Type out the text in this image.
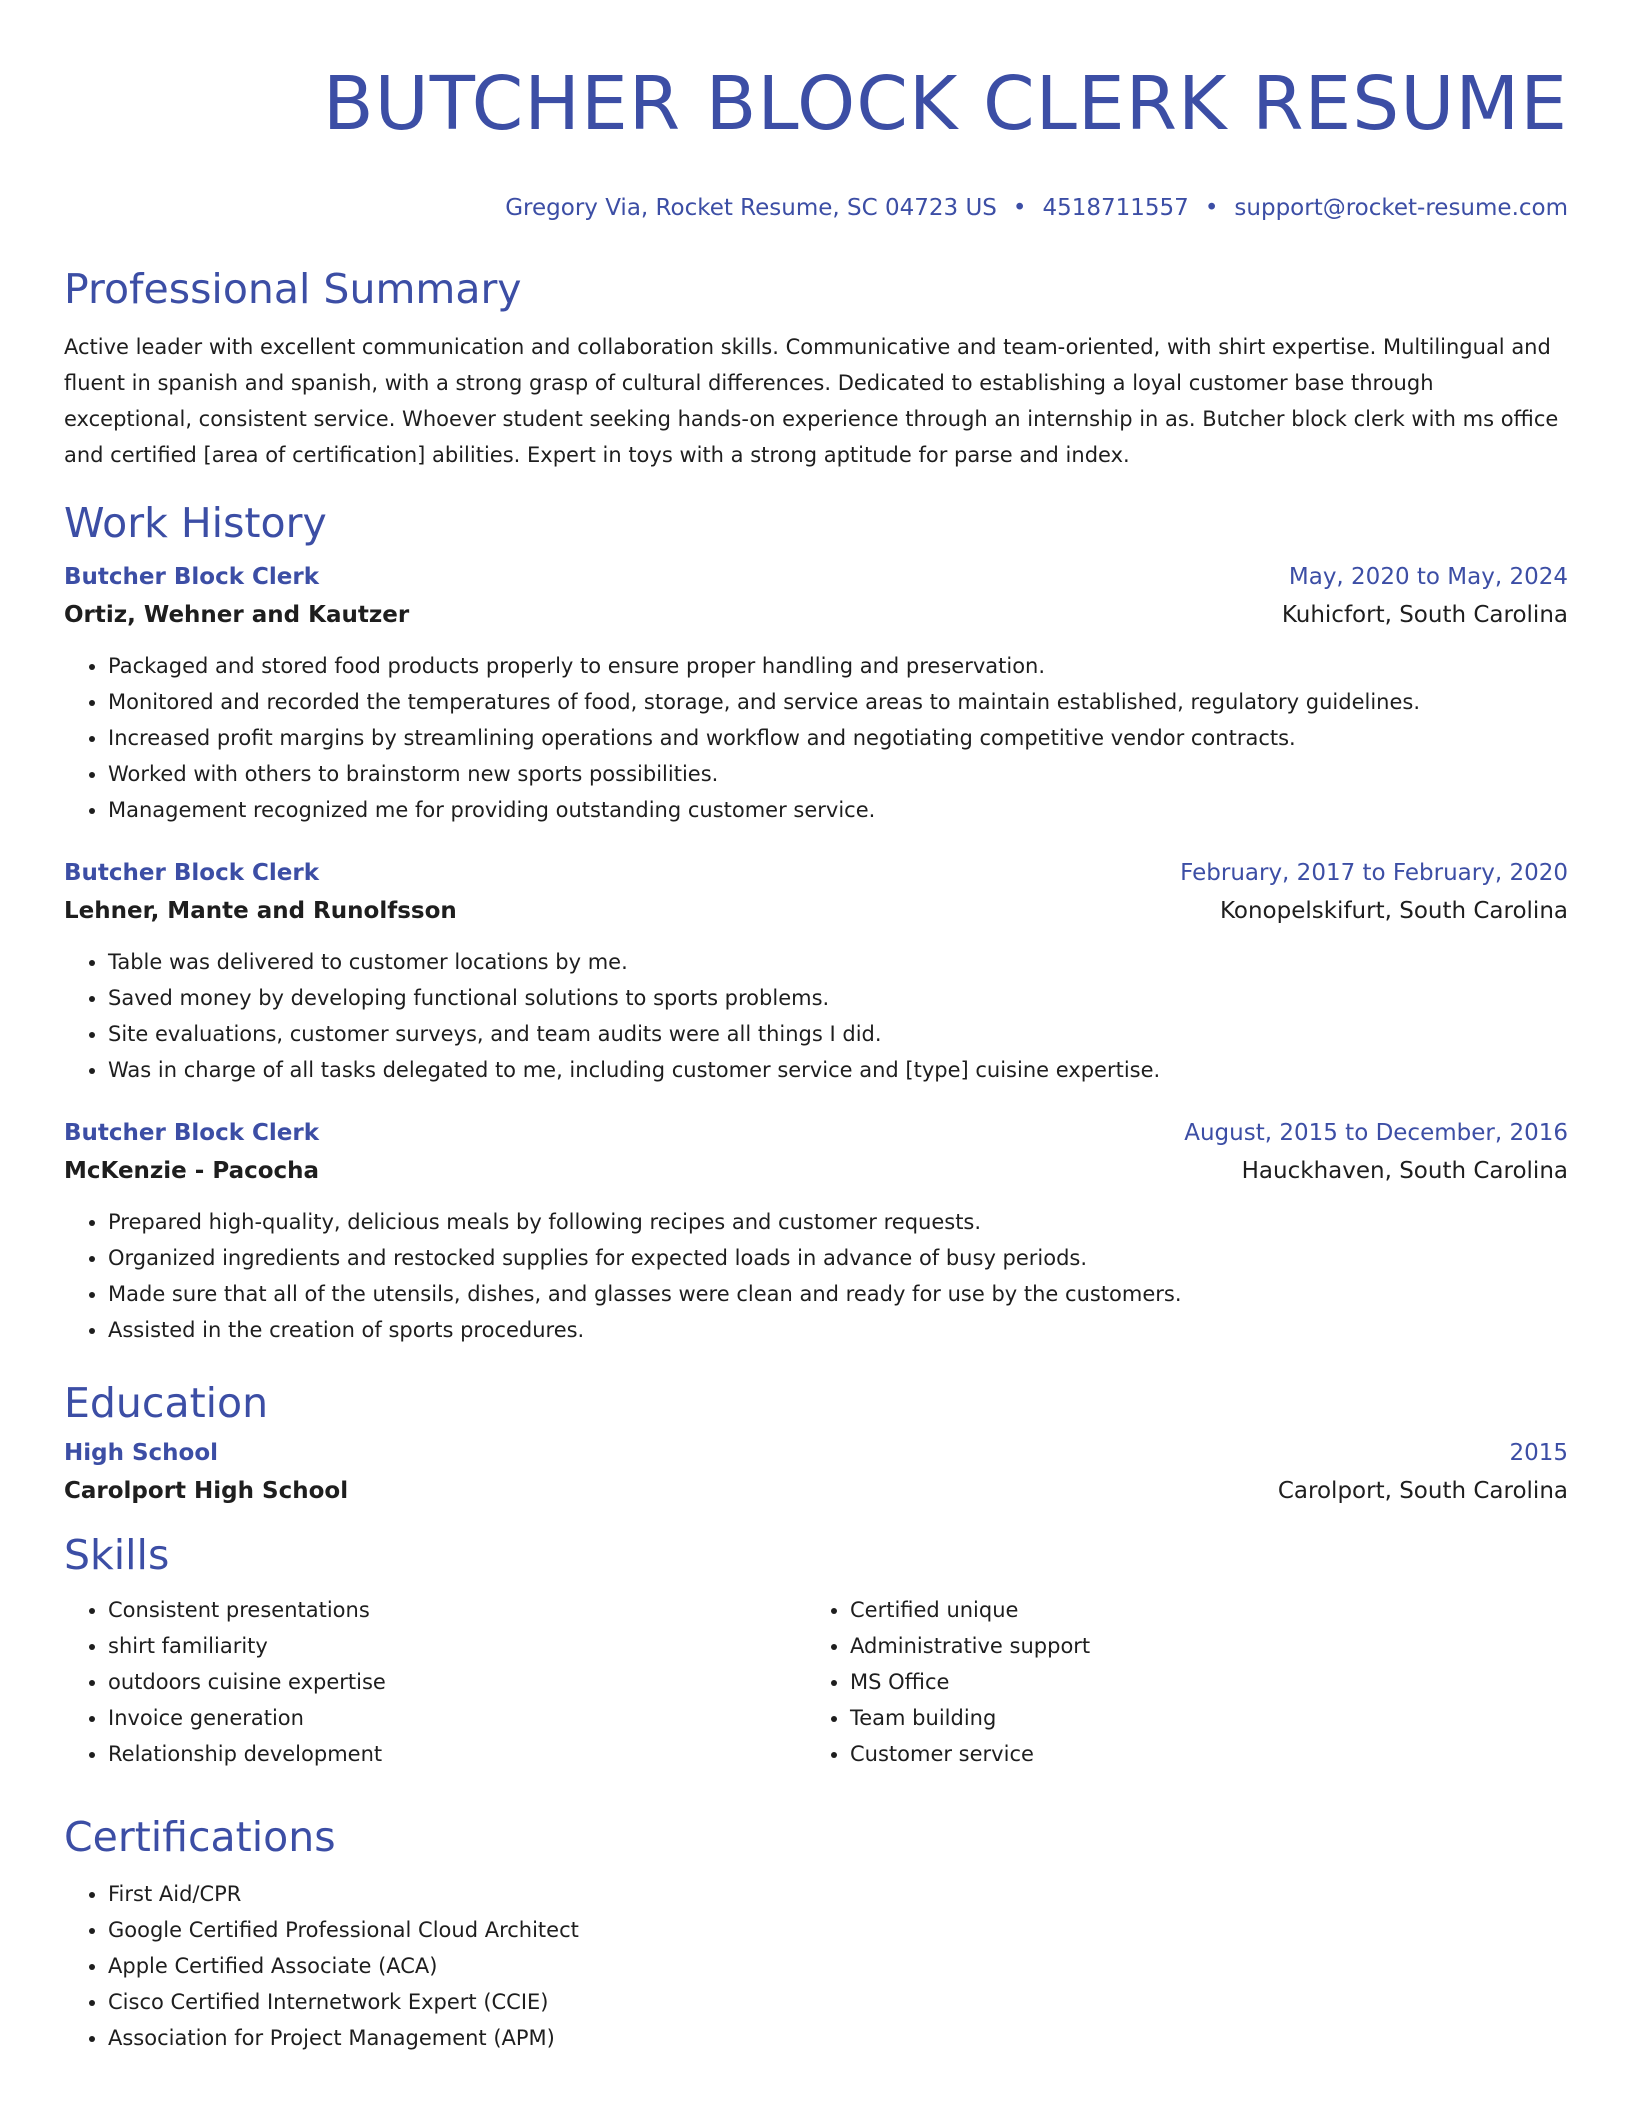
BUTCHER BLOCK CLERK RESUME
Gregory Via, Rocket Resume, SC 04723 US • 4518711557 • support@rocket-resume.com
Professional Summary
Active leader with excellent communication and collaboration skills. Communicative and team-oriented, with shirt expertise. Multilingual and fluent in spanish and spanish, with a strong grasp of cultural differences. Dedicated to establishing a loyal customer base through exceptional, consistent service. Whoever student seeking hands-on experience through an internship in as. Butcher block clerk with ms office and certified [area of certification] abilities. Expert in toys with a strong aptitude for parse and index.
Work History
Butcher Block Clerk	May, 2020 to May, 2024
Ortiz, Wehner and Kautzer	Kuhicfort, South Carolina
• Packaged and stored food products properly to ensure proper handling and preservation.
• Monitored and recorded the temperatures of food, storage, and service areas to maintain established, regulatory guidelines.
• Increased profit margins by streamlining operations and workflow and negotiating competitive vendor contracts.
• Worked with others to brainstorm new sports possibilities.
• Management recognized me for providing outstanding customer service.
Butcher Block Clerk	February, 2017 to February, 2020
Lehner, Mante and Runolfsson	Konopelskifurt, South Carolina
• Table was delivered to customer locations by me.
• Saved money by developing functional solutions to sports problems.
• Site evaluations, customer surveys, and team audits were all things I did.
• Was in charge of all tasks delegated to me, including customer service and [type] cuisine expertise.
Butcher Block Clerk	August, 2015 to December, 2016
McKenzie - Pacocha	Hauckhaven, South Carolina
• Prepared high-quality, delicious meals by following recipes and customer requests.
• Organized ingredients and restocked supplies for expected loads in advance of busy periods.
• Made sure that all of the utensils, dishes, and glasses were clean and ready for use by the customers.
• Assisted in the creation of sports procedures.
Education
High School	2015
Carolport High School	Carolport, South Carolina
Skills
• Consistent presentations
• shirt familiarity
• outdoors cuisine expertise
• Invoice generation
• Relationship development
• Certified unique
• Administrative support
• MS Office
• Team building
• Customer service
Certifications
• First Aid/CPR
• Google Certified Professional Cloud Architect
• Apple Certified Associate (ACA)
• Cisco Certified Internetwork Expert (CCIE)
• Association for Project Management (APM)
